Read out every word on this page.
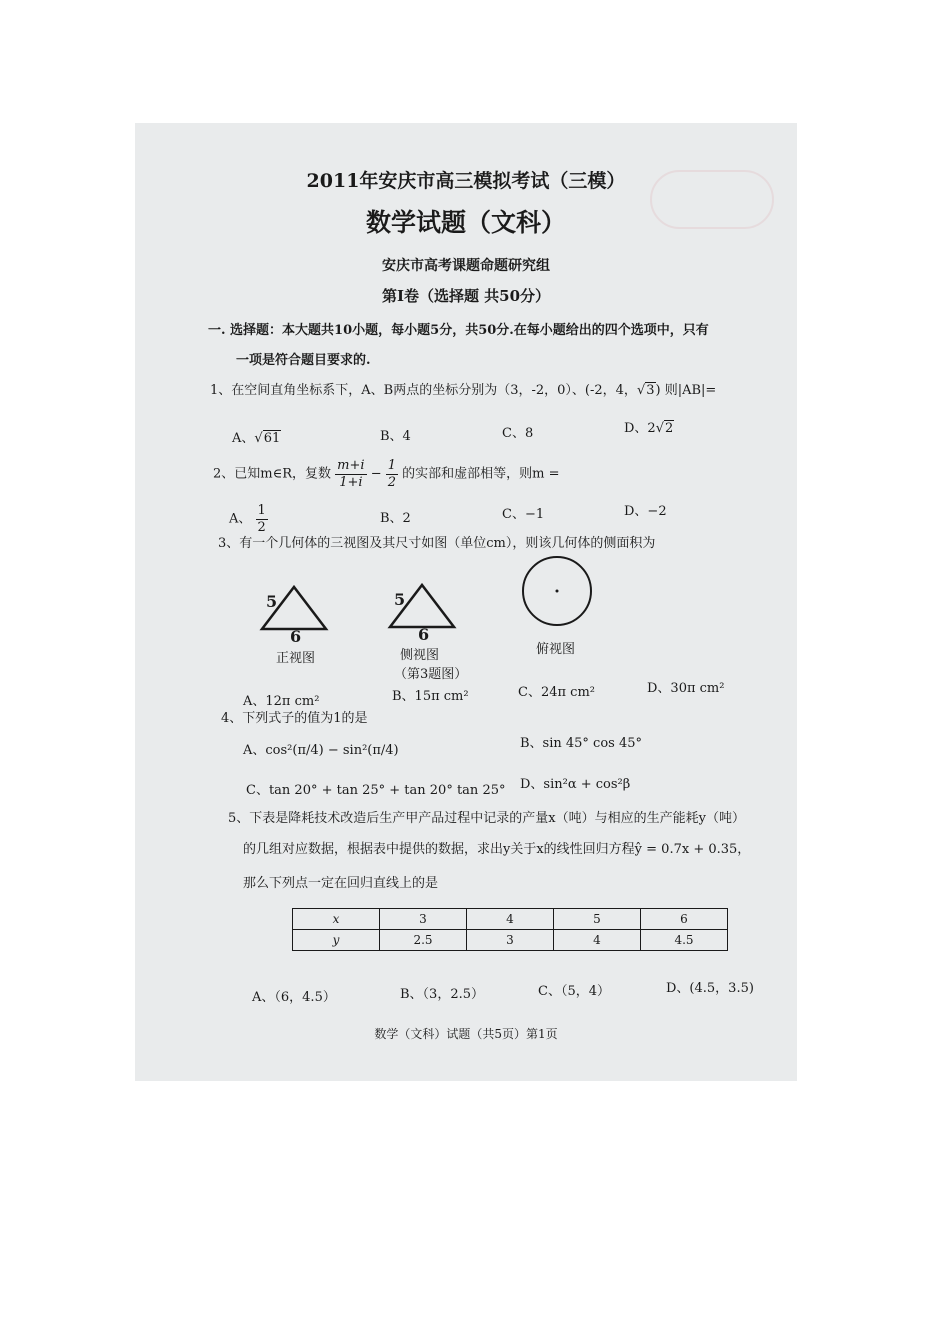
2011年安庆市高三模拟考试（三模）
数学试题（文科）
安庆市高考课题命题研究组
第Ⅰ卷（选择题 共50分）
一. 选择题：本大题共10小题，每小题5分，共50分.在每小题给出的四个选项中，只有
一项是符合题目要求的.
1、在空间直角坐标系下，A、B两点的坐标分别为（3，-2，0）、(-2，4，√3) 则|AB|=
A、√61	B、4	C、8	D、2√2
2、已知m∈R，复数 $\frac{m+i}{1+i} - \frac{1}{2}$ 的实部和虚部相等，则m =
A、 $\frac{1}{2}$	B、2	C、−1	D、−2
3、有一个几何体的三视图及其尺寸如图（单位cm），则该几何体的侧面积为
5
6
正视图
5
6
侧视图	俯视图
（第3题图）
A、12π cm²	B、15π cm²	C、24π cm²	D、30π cm²
4、下列式子的值为1的是
A、cos²(π/4) − sin²(π/4)	B、sin 45° cos 45°
C、tan 20° + tan 25° + tan 20° tan 25° D、sin²α + cos²β
5、下表是降耗技术改造后生产甲产品过程中记录的产量x（吨）与相应的生产能耗y（吨）
的几组对应数据，根据表中提供的数据，求出y关于x的线性回归方程ŷ = 0.7x + 0.35，
那么下列点一定在回归直线上的是
x	3	4	5	6
y	2.5	3	4	4.5
A、（6，4.5）	B、（3，2.5）	C、（5，4）	D、(4.5，3.5)
数学（文科）试题（共5页）第1页
